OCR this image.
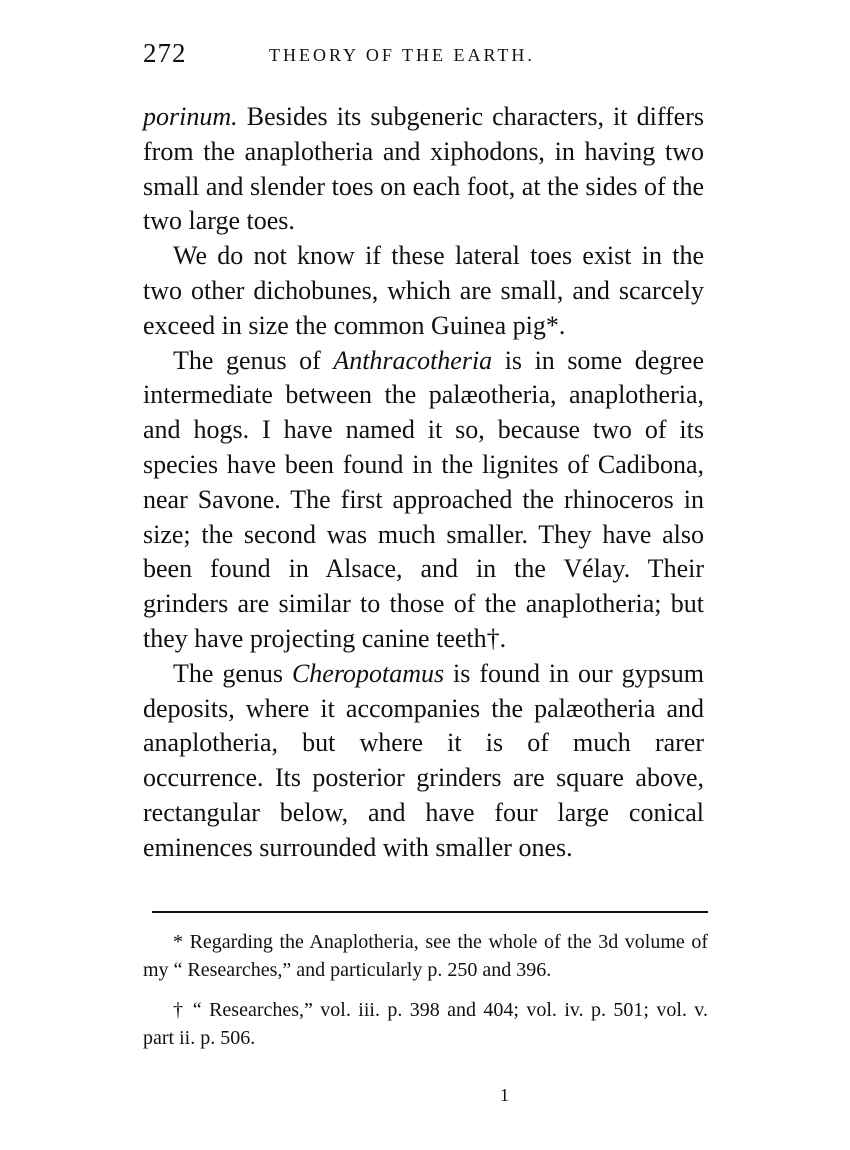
272	THEORY OF THE EARTH.

porinum. Besides its subgeneric characters, it differs from the anaplotheria and xiphodons, in having two small and slender toes on each foot, at the sides of the two large toes.

We do not know if these lateral toes exist in the two other dichobunes, which are small, and scarcely exceed in size the common Guinea pig*.

The genus of Anthracotheria is in some degree intermediate between the palæotheria, anaplotheria, and hogs. I have named it so, because two of its species have been found in the lignites of Cadibona, near Savone. The first approached the rhinoceros in size; the second was much smaller. They have also been found in Alsace, and in the Vélay. Their grinders are similar to those of the anaplotheria; but they have projecting canine teeth†.

The genus Cheropotamus is found in our gypsum deposits, where it accompanies the palæotheria and anaplotheria, but where it is of much rarer occurrence. Its posterior grinders are square above, rectangular below, and have four large conical eminences surrounded with smaller ones.

* Regarding the Anaplotheria, see the whole of the 3d volume of my “ Researches,” and particularly p. 250 and 396.

† “ Researches,” vol. iii. p. 398 and 404; vol. iv. p. 501; vol. v. part ii. p. 506.

1
